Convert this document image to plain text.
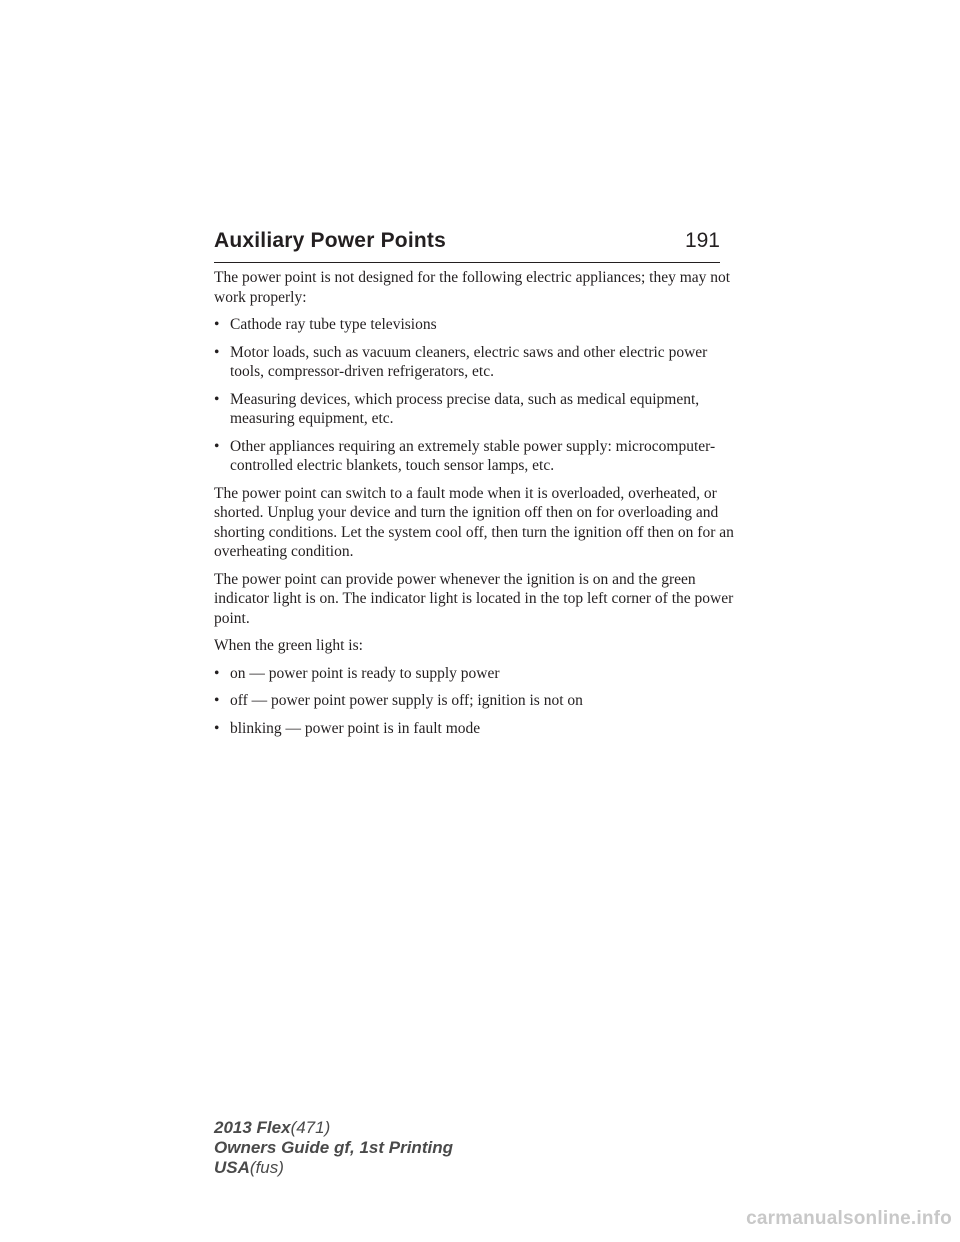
Auxiliary Power Points	191

The power point is not designed for the following electric appliances; they may not work properly:

• Cathode ray tube type televisions
• Motor loads, such as vacuum cleaners, electric saws and other electric power tools, compressor-driven refrigerators, etc.
• Measuring devices, which process precise data, such as medical equipment, measuring equipment, etc.
• Other appliances requiring an extremely stable power supply: microcomputer-controlled electric blankets, touch sensor lamps, etc.

The power point can switch to a fault mode when it is overloaded, overheated, or shorted. Unplug your device and turn the ignition off then on for overloading and shorting conditions. Let the system cool off, then turn the ignition off then on for an overheating condition.

The power point can provide power whenever the ignition is on and the green indicator light is on. The indicator light is located in the top left corner of the power point.

When the green light is:

• on — power point is ready to supply power
• off — power point power supply is off; ignition is not on
• blinking — power point is in fault mode
2013 Flex(471)
Owners Guide gf, 1st Printing
USA(fus)
carmanualsonline.info
